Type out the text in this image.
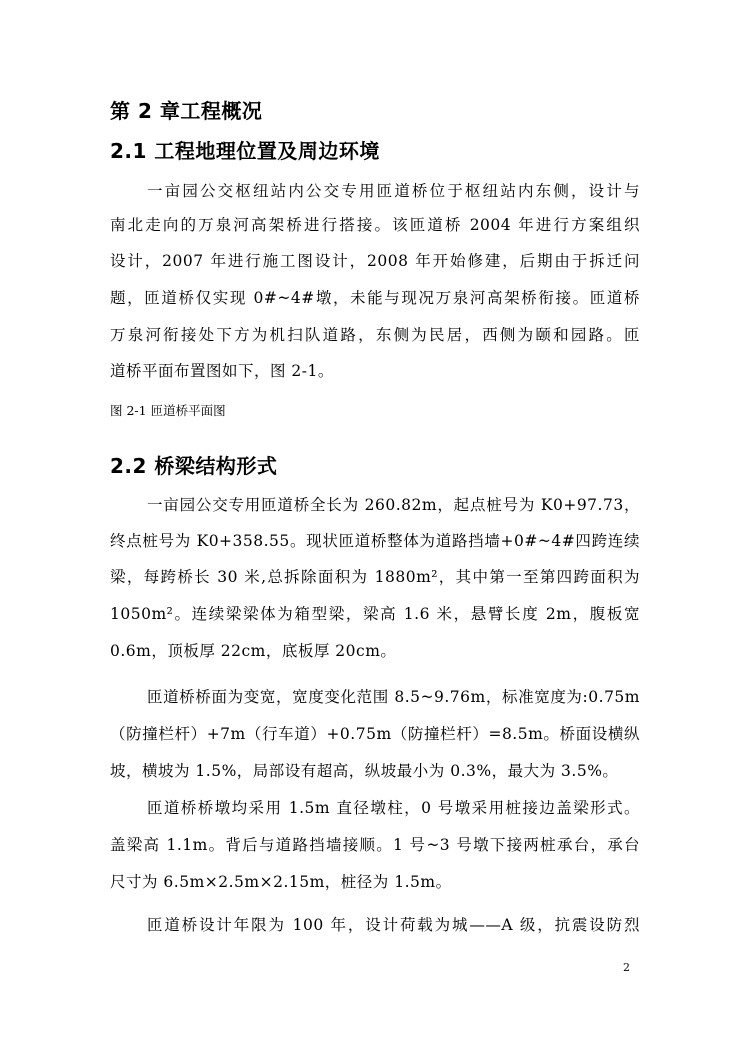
第 2 章工程概况
2.1 工程地理位置及周边环境
一亩园公交枢纽站内公交专用匝道桥位于枢纽站内东侧，设计与
南北走向的万泉河高架桥进行搭接。该匝道桥 2004 年进行方案组织
设计，2007 年进行施工图设计，2008 年开始修建，后期由于拆迁问
题，匝道桥仅实现 0#~4#墩，未能与现况万泉河高架桥衔接。匝道桥
万泉河衔接处下方为机扫队道路，东侧为民居，西侧为颐和园路。匝
道桥平面布置图如下，图 2-1。
图 2-1 匝道桥平面图
2.2 桥梁结构形式
一亩园公交专用匝道桥全长为 260.82m，起点桩号为 K0+97.73，
终点桩号为 K0+358.55。现状匝道桥整体为道路挡墙+0#~4#四跨连续
梁，每跨桥长 30 米,总拆除面积为 1880m²，其中第一至第四跨面积为
1050m²。连续梁梁体为箱型梁，梁高 1.6 米，悬臂长度 2m，腹板宽
0.6m，顶板厚 22cm，底板厚 20cm。
匝道桥桥面为变宽，宽度变化范围 8.5~9.76m，标准宽度为:0.75m
（防撞栏杆）+7m（行车道）+0.75m（防撞栏杆）=8.5m。桥面设横纵
坡，横坡为 1.5%，局部设有超高，纵坡最小为 0.3%，最大为 3.5%。
匝道桥桥墩均采用 1.5m 直径墩柱，0 号墩采用桩接边盖梁形式。
盖梁高 1.1m。背后与道路挡墙接顺。1 号~3 号墩下接两桩承台，承台
尺寸为 6.5m×2.5m×2.15m，桩径为 1.5m。
匝道桥设计年限为 100 年，设计荷载为城——A 级，抗震设防烈
2
